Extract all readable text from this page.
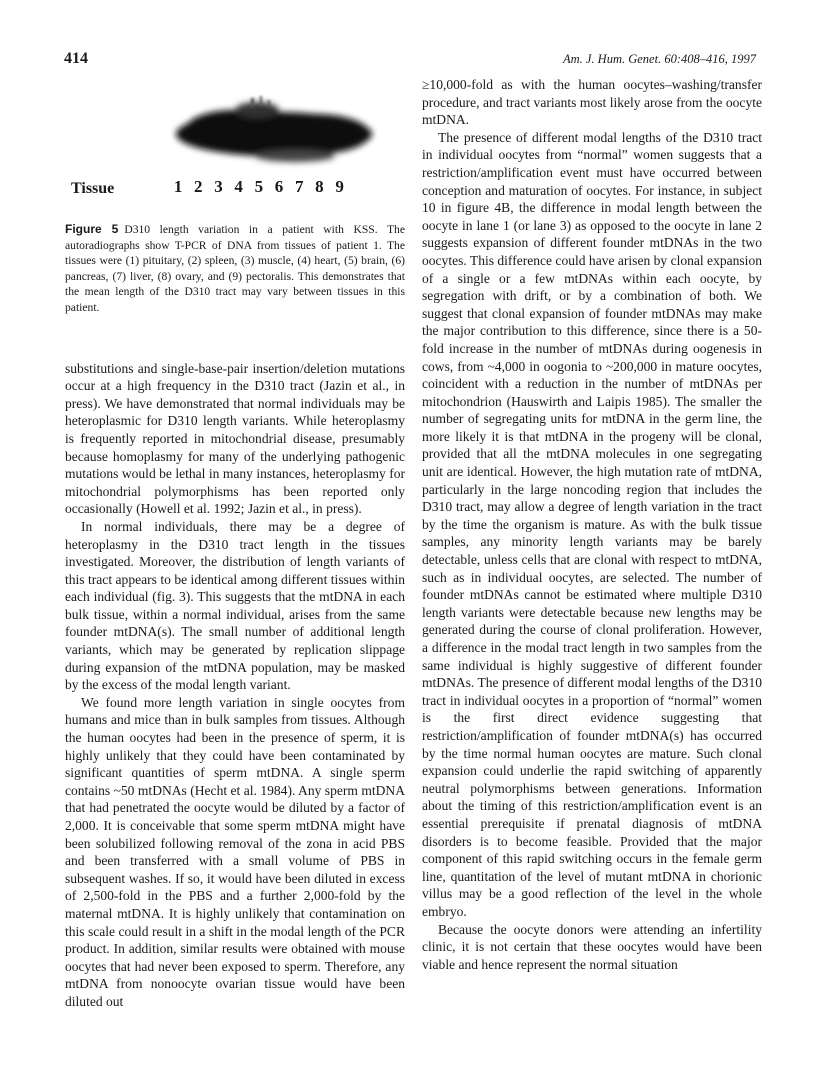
414	Am. J. Hum. Genet. 60:408–416, 1997
Tissue	1 2 3 4 5 6 7 8 9
Figure 5 D310 length variation in a patient with KSS. The autoradiographs show T-PCR of DNA from tissues of patient 1. The tissues were (1) pituitary, (2) spleen, (3) muscle, (4) heart, (5) brain, (6) pancreas, (7) liver, (8) ovary, and (9) pectoralis. This demonstrates that the mean length of the D310 tract may vary between tissues in this patient.

substitutions and single-base-pair insertion/deletion mutations occur at a high frequency in the D310 tract (Jazin et al., in press). We have demonstrated that normal individuals may be heteroplasmic for D310 length variants. While heteroplasmy is frequently reported in mitochondrial disease, presumably because homoplasmy for many of the underlying pathogenic mutations would be lethal in many instances, heteroplasmy for mitochondrial polymorphisms has been reported only occasionally (Howell et al. 1992; Jazin et al., in press).

In normal individuals, there may be a degree of heteroplasmy in the D310 tract length in the tissues investigated. Moreover, the distribution of length variants of this tract appears to be identical among different tissues within each individual (fig. 3). This suggests that the mtDNA in each bulk tissue, within a normal individual, arises from the same founder mtDNA(s). The small number of additional length variants, which may be generated by replication slippage during expansion of the mtDNA population, may be masked by the excess of the modal length variant.

We found more length variation in single oocytes from humans and mice than in bulk samples from tissues. Although the human oocytes had been in the presence of sperm, it is highly unlikely that they could have been contaminated by significant quantities of sperm mtDNA. A single sperm contains ~50 mtDNAs (Hecht et al. 1984). Any sperm mtDNA that had penetrated the oocyte would be diluted by a factor of 2,000. It is conceivable that some sperm mtDNA might have been solubilized following removal of the zona in acid PBS and been transferred with a small volume of PBS in subsequent washes. If so, it would have been diluted in excess of 2,500-fold in the PBS and a further 2,000-fold by the maternal mtDNA. It is highly unlikely that contamination on this scale could result in a shift in the modal length of the PCR product. In addition, similar results were obtained with mouse oocytes that had never been exposed to sperm. Therefore, any mtDNA from nonoocyte ovarian tissue would have been diluted out

≥10,000-fold as with the human oocytes–washing/transfer procedure, and tract variants most likely arose from the oocyte mtDNA.

The presence of different modal lengths of the D310 tract in individual oocytes from “normal” women suggests that a restriction/amplification event must have occurred between conception and maturation of oocytes. For instance, in subject 10 in figure 4B, the difference in modal length between the oocyte in lane 1 (or lane 3) as opposed to the oocyte in lane 2 suggests expansion of different founder mtDNAs in the two oocytes. This difference could have arisen by clonal expansion of a single or a few mtDNAs within each oocyte, by segregation with drift, or by a combination of both. We suggest that clonal expansion of founder mtDNAs may make the major contribution to this difference, since there is a 50-fold increase in the number of mtDNAs during oogenesis in cows, from ~4,000 in oogonia to ~200,000 in mature oocytes, coincident with a reduction in the number of mtDNAs per mitochondrion (Hauswirth and Laipis 1985). The smaller the number of segregating units for mtDNA in the germ line, the more likely it is that mtDNA in the progeny will be clonal, provided that all the mtDNA molecules in one segregating unit are identical. However, the high mutation rate of mtDNA, particularly in the large noncoding region that includes the D310 tract, may allow a degree of length variation in the tract by the time the organism is mature. As with the bulk tissue samples, any minority length variants may be barely detectable, unless cells that are clonal with respect to mtDNA, such as in individual oocytes, are selected. The number of founder mtDNAs cannot be estimated where multiple D310 length variants were detectable because new lengths may be generated during the course of clonal proliferation. However, a difference in the modal tract length in two samples from the same individual is highly suggestive of different founder mtDNAs. The presence of different modal lengths of the D310 tract in individual oocytes in a proportion of “normal” women is the first direct evidence suggesting that restriction/amplification of founder mtDNA(s) has occurred by the time normal human oocytes are mature. Such clonal expansion could underlie the rapid switching of apparently neutral polymorphisms between generations. Information about the timing of this restriction/amplification event is an essential prerequisite if prenatal diagnosis of mtDNA disorders is to become feasible. Provided that the major component of this rapid switching occurs in the female germ line, quantitation of the level of mutant mtDNA in chorionic villus may be a good reflection of the level in the whole embryo.

Because the oocyte donors were attending an infertility clinic, it is not certain that these oocytes would have been viable and hence represent the normal situation
